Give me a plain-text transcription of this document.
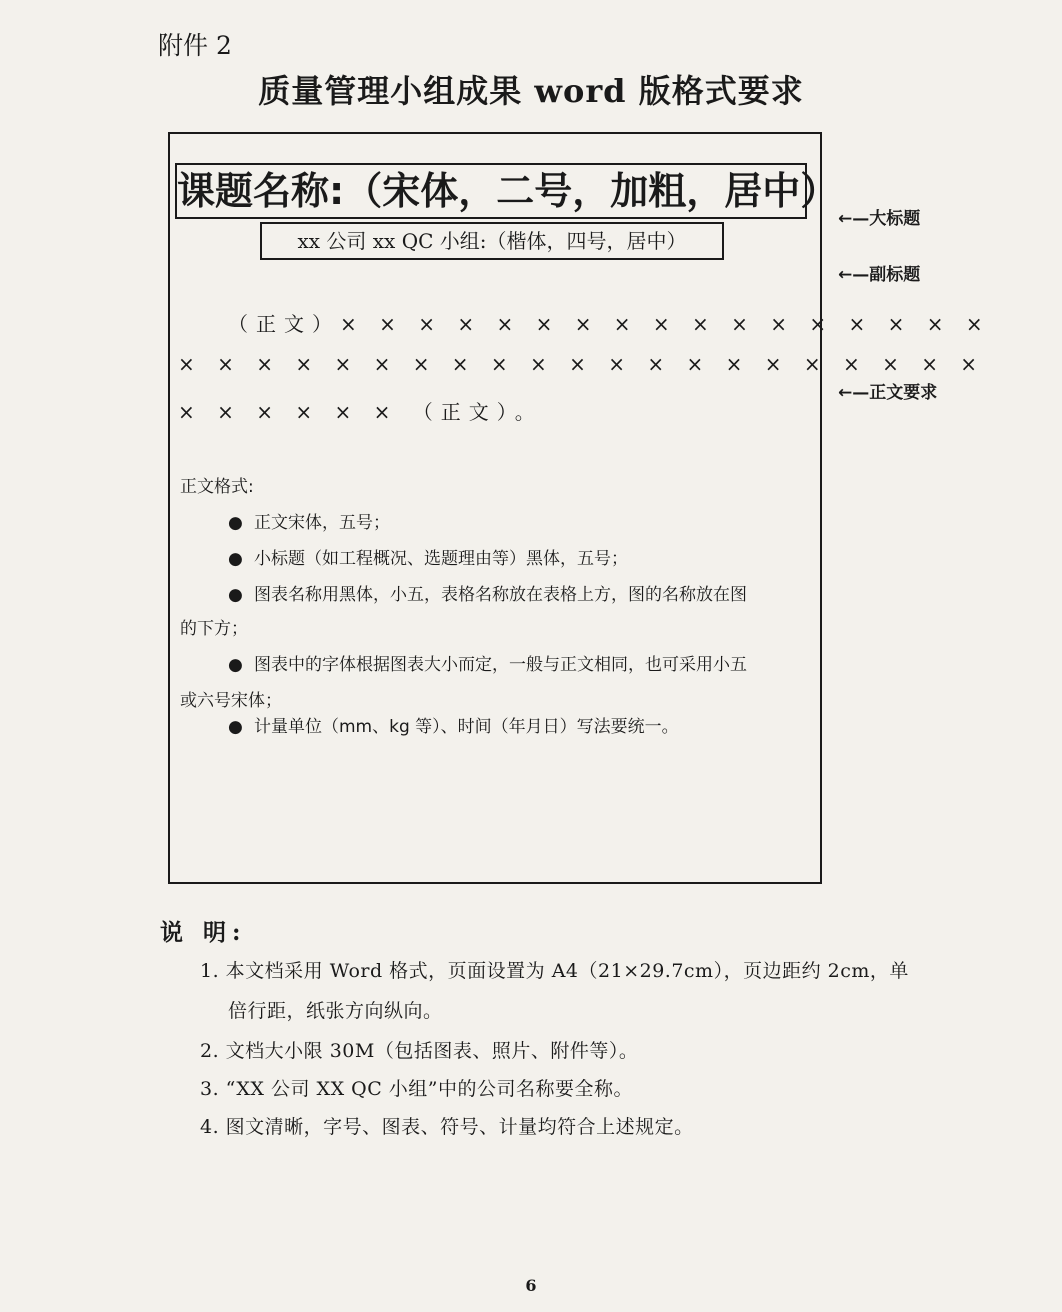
附件 2
质量管理小组成果 word 版格式要求
课题名称:（宋体，二号，加粗，居中）
xx 公司 xx QC 小组:（楷体，四号，居中）
（正文）× × × × × × × × × × × × × × × × ×
× × × × × × × × × × × × × × × × × × × × ×
× × × × × × （正文）。
正文格式:
● 正文宋体，五号；
● 小标题（如工程概况、选题理由等）黑体，五号；
● 图表名称用黑体，小五，表格名称放在表格上方，图的名称放在图
的下方；
● 图表中的字体根据图表大小而定，一般与正文相同，也可采用小五
或六号宋体；
● 计量单位（mm、kg 等）、时间（年月日）写法要统一。
←—大标题
←—副标题
←—正文要求
说 明:
1. 本文档采用 Word 格式，页面设置为 A4（21×29.7cm），页边距约 2cm，单
倍行距，纸张方向纵向。
2. 文档大小限 30M（包括图表、照片、附件等）。
3. “XX 公司 XX QC 小组”中的公司名称要全称。
4. 图文清晰，字号、图表、符号、计量均符合上述规定。
6
